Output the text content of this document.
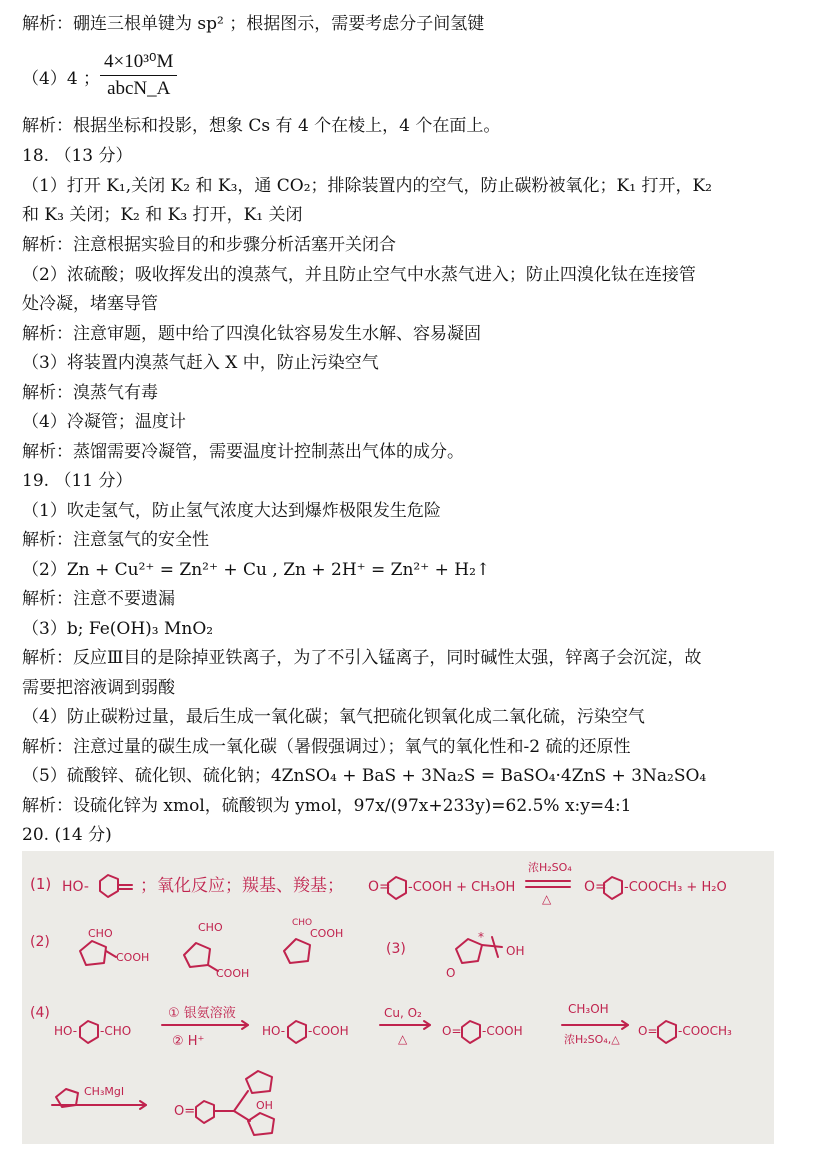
解析：硼连三根单键为 sp² ；根据图示，需要考虑分子间氢键
（4）4 ；
4×10³⁰M
abcN_A
解析：根据坐标和投影，想象 Cs 有 4 个在棱上，4 个在面上。
18. （13 分）
（1）打开 K₁,关闭 K₂ 和 K₃，通 CO₂；排除装置内的空气，防止碳粉被氧化；K₁ 打开，K₂
和 K₃ 关闭；K₂ 和 K₃ 打开，K₁ 关闭
解析：注意根据实验目的和步骤分析活塞开关闭合
（2）浓硫酸；吸收挥发出的溴蒸气，并且防止空气中水蒸气进入；防止四溴化钛在连接管
处冷凝，堵塞导管
解析：注意审题，题中给了四溴化钛容易发生水解、容易凝固
（3）将装置内溴蒸气赶入 X 中，防止污染空气
解析：溴蒸气有毒
（4）冷凝管；温度计
解析：蒸馏需要冷凝管，需要温度计控制蒸出气体的成分。
19. （11 分）
（1）吹走氢气，防止氢气浓度大达到爆炸极限发生危险
解析：注意氢气的安全性
（2）Zn + Cu²⁺ = Zn²⁺ + Cu , Zn + 2H⁺ = Zn²⁺ + H₂↑
解析：注意不要遗漏
（3）b; Fe(OH)₃ MnO₂
解析：反应Ⅲ目的是除掉亚铁离子，为了不引入锰离子，同时碱性太强，锌离子会沉淀，故
需要把溶液调到弱酸
（4）防止碳粉过量，最后生成一氧化碳；氧气把硫化钡氧化成二氧化硫，污染空气
解析：注意过量的碳生成一氧化碳（暑假强调过）；氧气的氧化性和-2 硫的还原性
（5）硫酸锌、硫化钡、硫化钠；4ZnSO₄ + BaS + 3Na₂S = BaSO₄·4ZnS + 3Na₂SO₄
解析：设硫化锌为 xmol，硫酸钡为 ymol，97x/(97x+233y)=62.5% x:y=4:1
20. (14 分)
(1) HO-	；氧化反应；羰基、羧基； O= -COOH + CH₃OH
浓H₂SO₄
△
O= -COOCH₃ + H₂O
(2)
CHO
COOH
CHO
COOH
CHO
COOH
(3)
O
*
OH
(4)
HO- -CHO
① 银氨溶液
② H⁺
HO- -COOH
Cu, O₂
△
O= -COOH
CH₃OH
浓H₂SO₄,△
O= -COOCH₃
CH₃MgI
O=	OH
